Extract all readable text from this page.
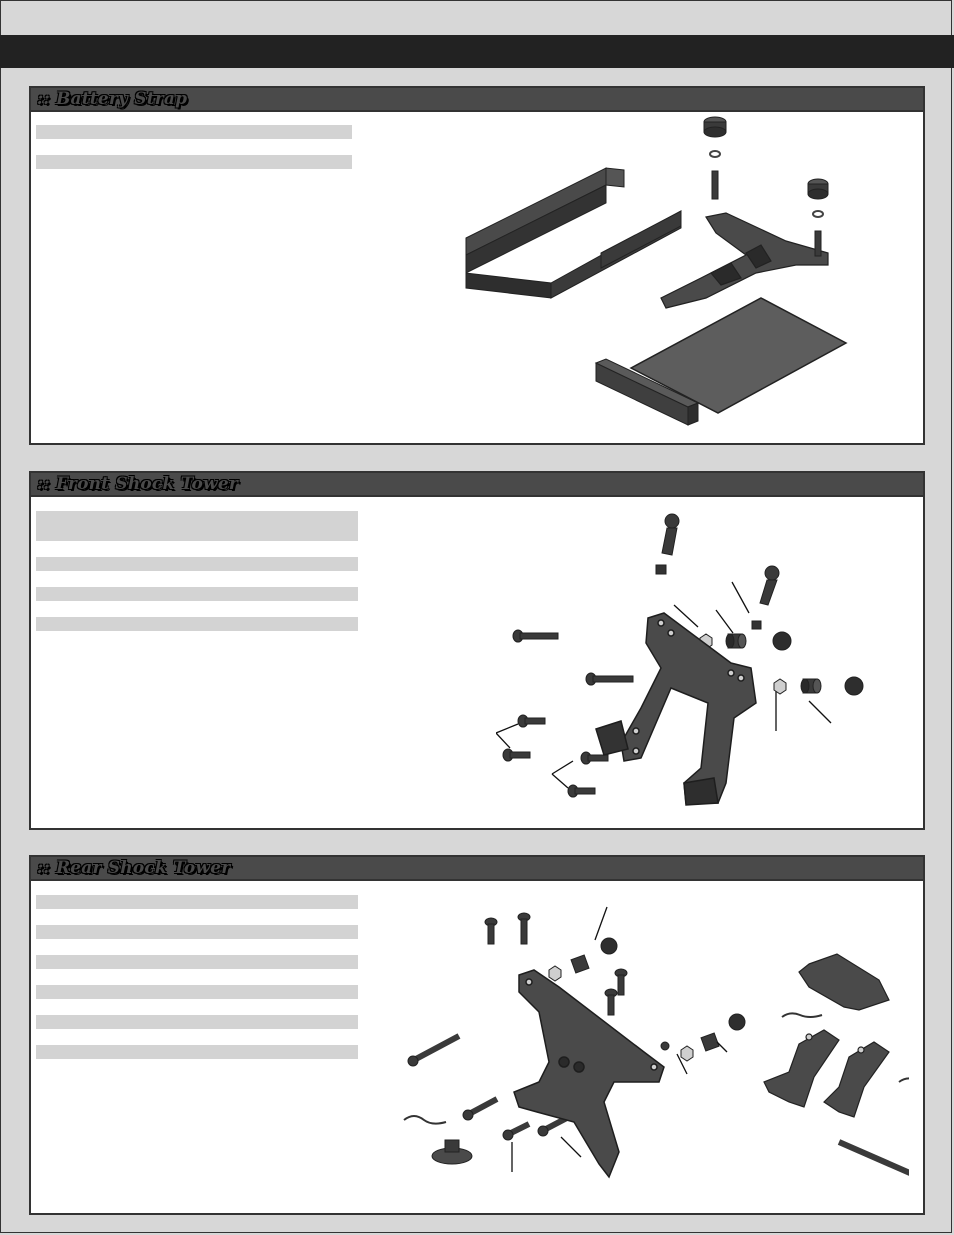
:: Battery Strap
:: Front Shock Tower
:: Rear Shock Tower
